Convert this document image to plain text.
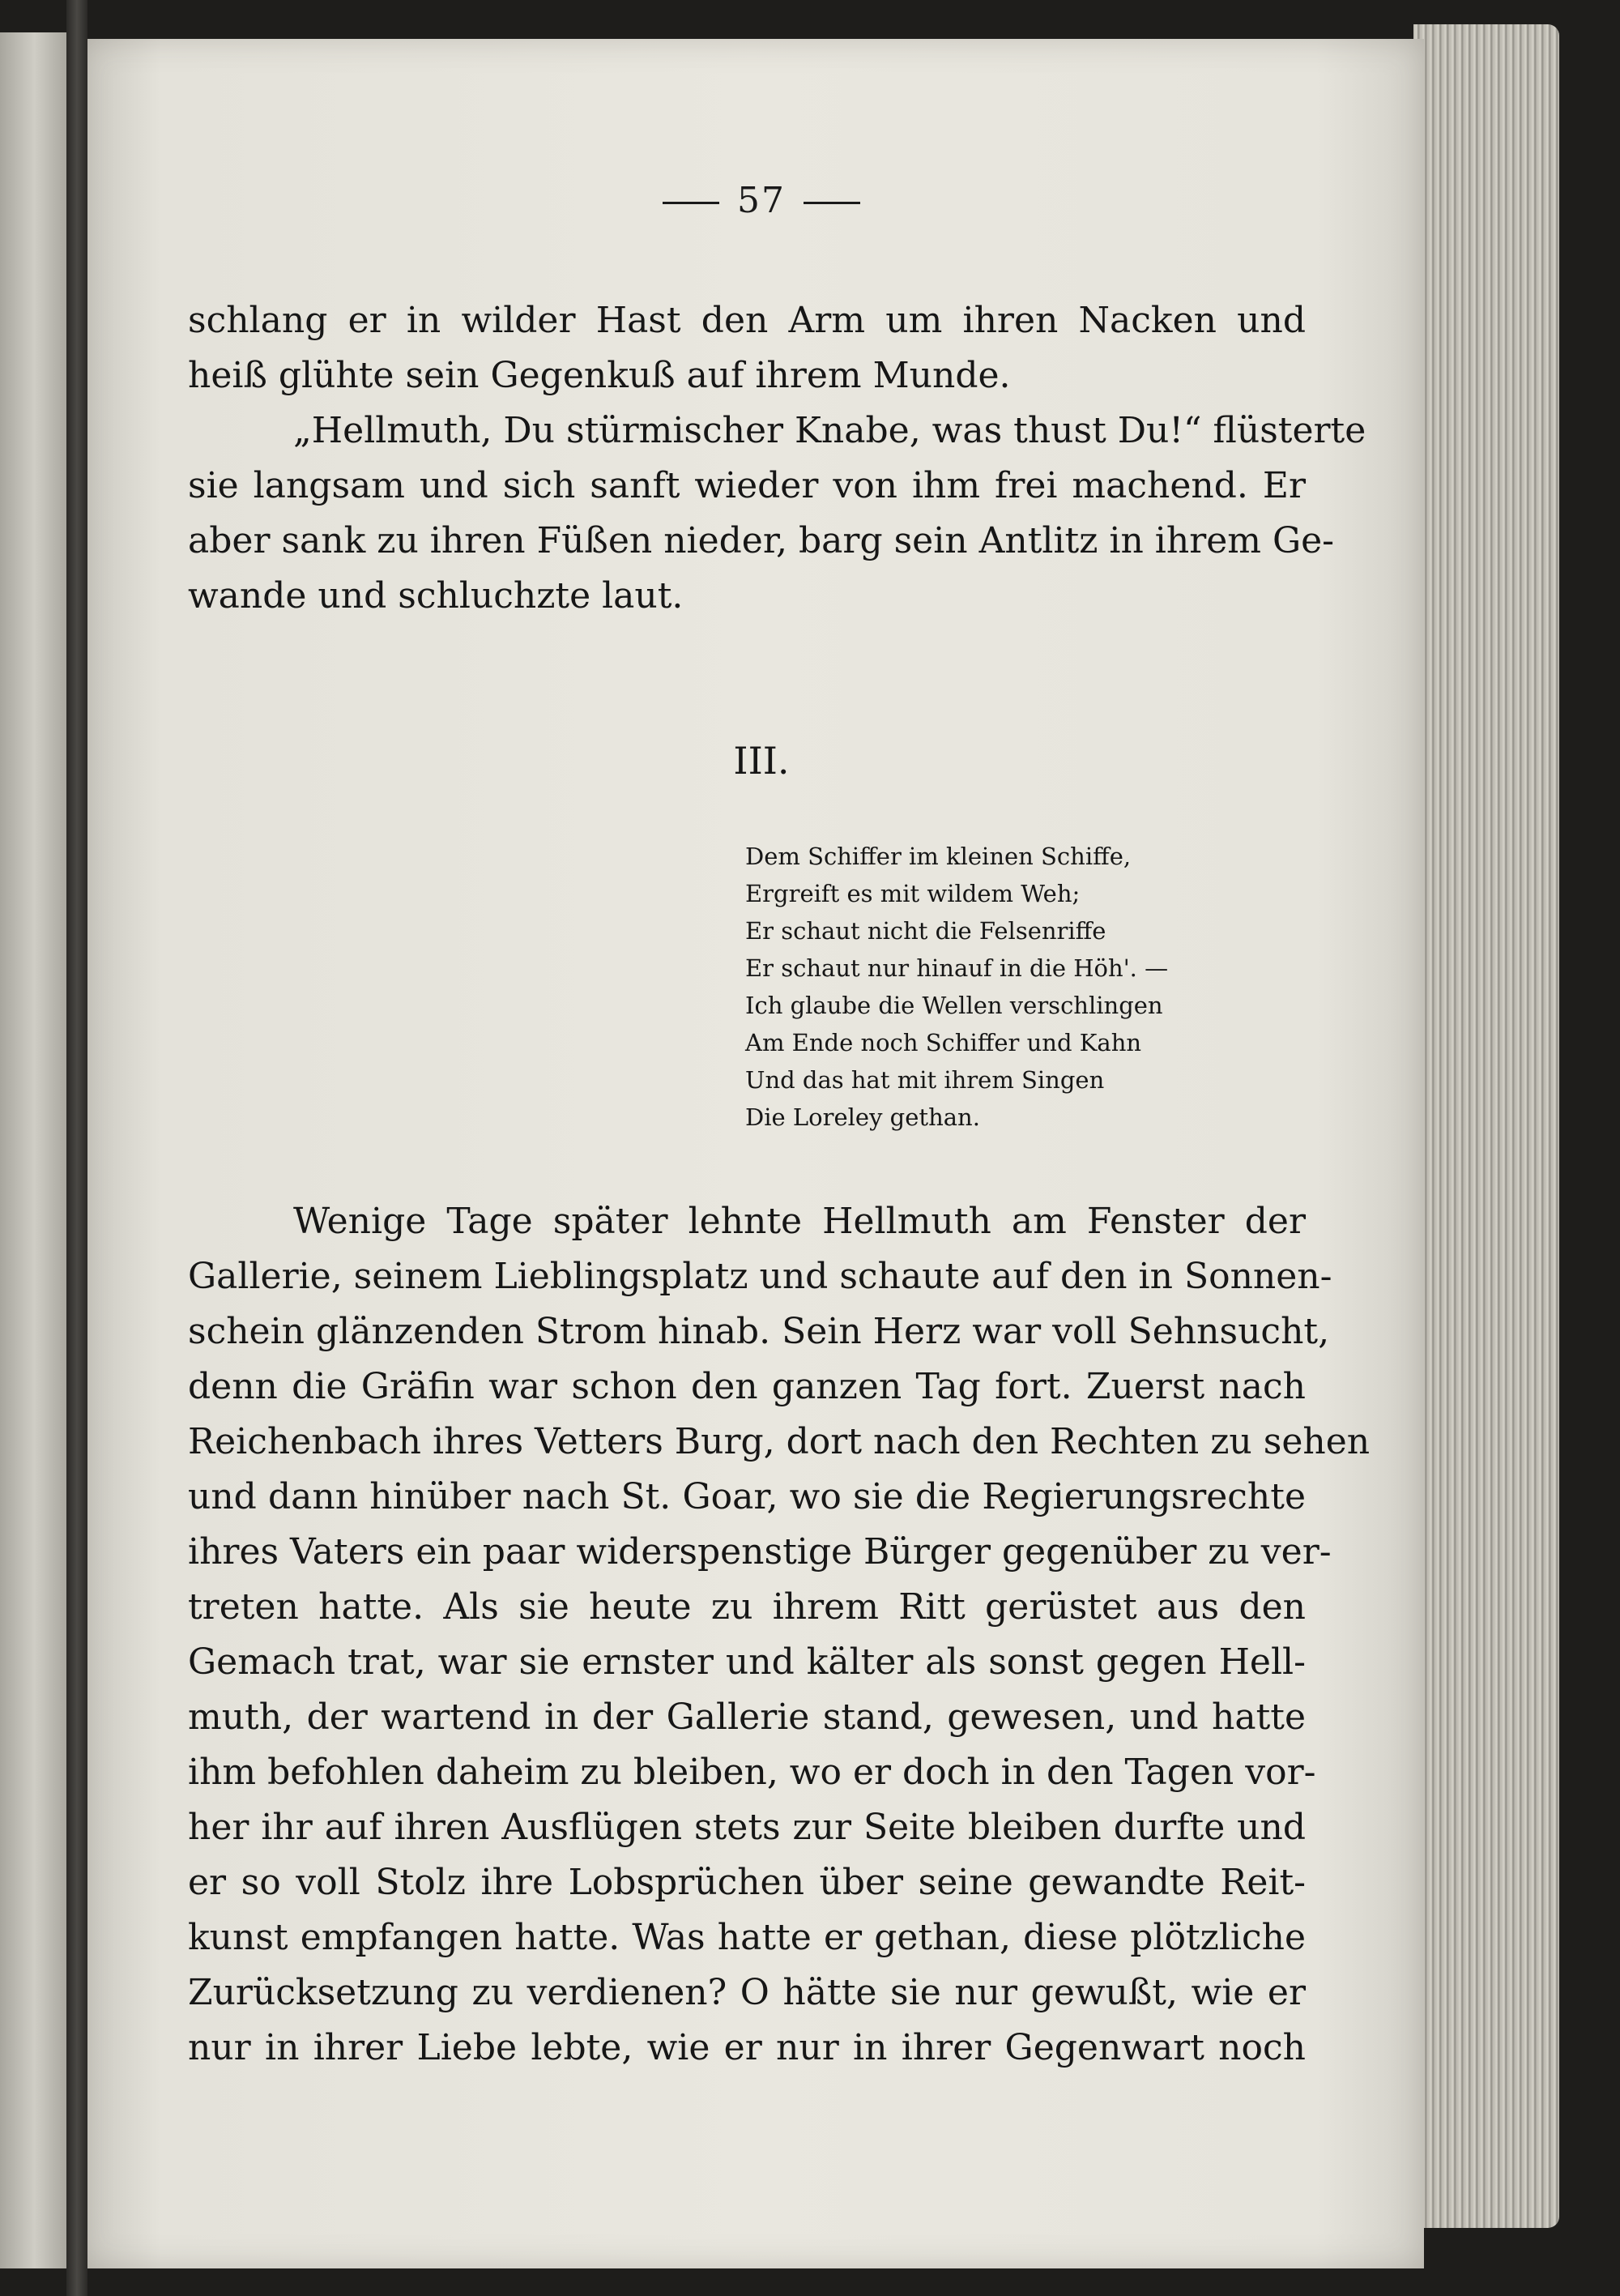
57
schlang er in wilder Hast den Arm um ihren Nacken und
heiß glühte sein Gegenkuß auf ihrem Munde.
„Hellmuth, Du stürmischer Knabe, was thust Du!“ flüsterte
sie langsam und sich sanft wieder von ihm frei machend. Er
aber sank zu ihren Füßen nieder, barg sein Antlitz in ihrem Ge-
wande und schluchzte laut.
III.
Dem Schiffer im kleinen Schiffe,
Ergreift es mit wildem Weh;
Er schaut nicht die Felsenriffe
Er schaut nur hinauf in die Höh'. —
Ich glaube die Wellen verschlingen
Am Ende noch Schiffer und Kahn
Und das hat mit ihrem Singen
Die Loreley gethan.
Wenige Tage später lehnte Hellmuth am Fenster der
Gallerie, seinem Lieblingsplatz und schaute auf den in Sonnen-
schein glänzenden Strom hinab. Sein Herz war voll Sehnsucht,
denn die Gräfin war schon den ganzen Tag fort. Zuerst nach
Reichenbach ihres Vetters Burg, dort nach den Rechten zu sehen
und dann hinüber nach St. Goar, wo sie die Regierungsrechte
ihres Vaters ein paar widerspenstige Bürger gegenüber zu ver-
treten hatte. Als sie heute zu ihrem Ritt gerüstet aus den
Gemach trat, war sie ernster und kälter als sonst gegen Hell-
muth, der wartend in der Gallerie stand, gewesen, und hatte
ihm befohlen daheim zu bleiben, wo er doch in den Tagen vor-
her ihr auf ihren Ausflügen stets zur Seite bleiben durfte und
er so voll Stolz ihre Lobsprüchen über seine gewandte Reit-
kunst empfangen hatte. Was hatte er gethan, diese plötzliche
Zurücksetzung zu verdienen? O hätte sie nur gewußt, wie er
nur in ihrer Liebe lebte, wie er nur in ihrer Gegenwart noch
